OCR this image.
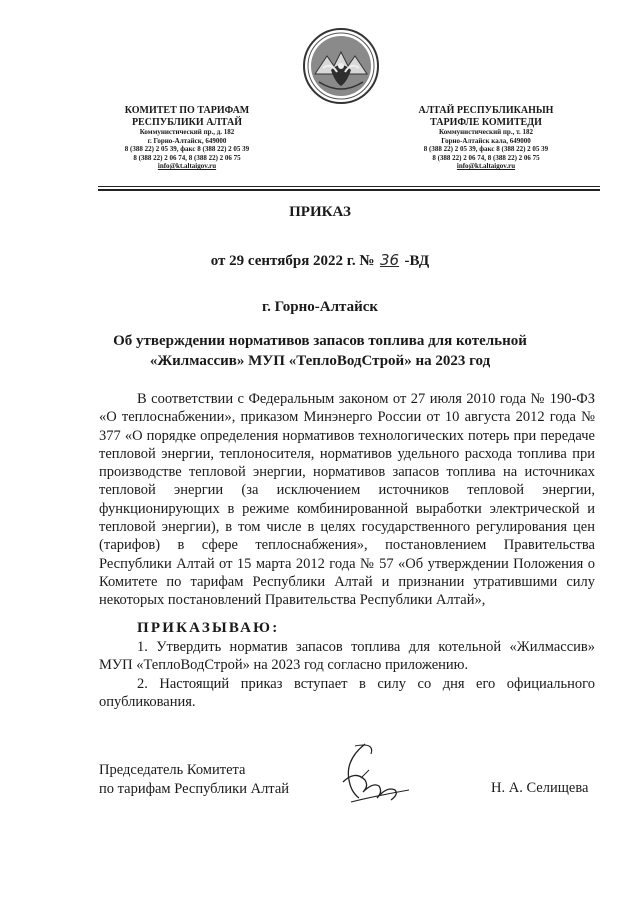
КОМИТЕТ ПО ТАРИФАМ
РЕСПУБЛИКИ АЛТАЙ
Коммунистический пр., д. 182
г. Горно-Алтайск, 649000
8 (388 22) 2 05 39, факс 8 (388 22) 2 05 39
8 (388 22) 2 06 74, 8 (388 22) 2 06 75
info@kt.altaigov.ru
АЛТАЙ РЕСПУБЛИКАНЫН
ТАРИФЛЕ КОМИТЕДИ
Коммунистический пр., т. 182
Горно-Алтайск кала, 649000
8 (388 22) 2 05 39, факс 8 (388 22) 2 05 39
8 (388 22) 2 06 74, 8 (388 22) 2 06 75
info@kt.altaigov.ru
ПРИКАЗ
от 29 сентября 2022 г. № 36 -ВД
г. Горно-Алтайск
Об утверждении нормативов запасов топлива для котельной
«Жилмассив» МУП «ТеплоВодСтрой» на 2023 год
В соответствии с Федеральным законом от 27 июля 2010 года № 190-ФЗ «О теплоснабжении», приказом Минэнерго России от 10 августа 2012 года № 377 «О порядке определения нормативов технологических потерь при передаче тепловой энергии, теплоносителя, нормативов удельного расхода топлива при производстве тепловой энергии, нормативов запасов топлива на источниках тепловой энергии (за исключением источников тепловой энергии, функционирующих в режиме комбинированной выработки электрической и тепловой энергии), в том числе в целях государственного регулирования цен (тарифов) в сфере теплоснабжения», постановлением Правительства Республики Алтай от 15 марта 2012 года № 57 «Об утверждении Положения о Комитете по тарифам Республики Алтай и признании утратившими силу некоторых постановлений Правительства Республики Алтай»,
ПРИКАЗЫВАЮ:
1. Утвердить норматив запасов топлива для котельной «Жилмассив» МУП «ТеплоВодСтрой» на 2023 год согласно приложению.
2. Настоящий приказ вступает в силу со дня его официального опубликования.
Председатель Комитета
по тарифам Республики Алтай	Н. А. Селищева
